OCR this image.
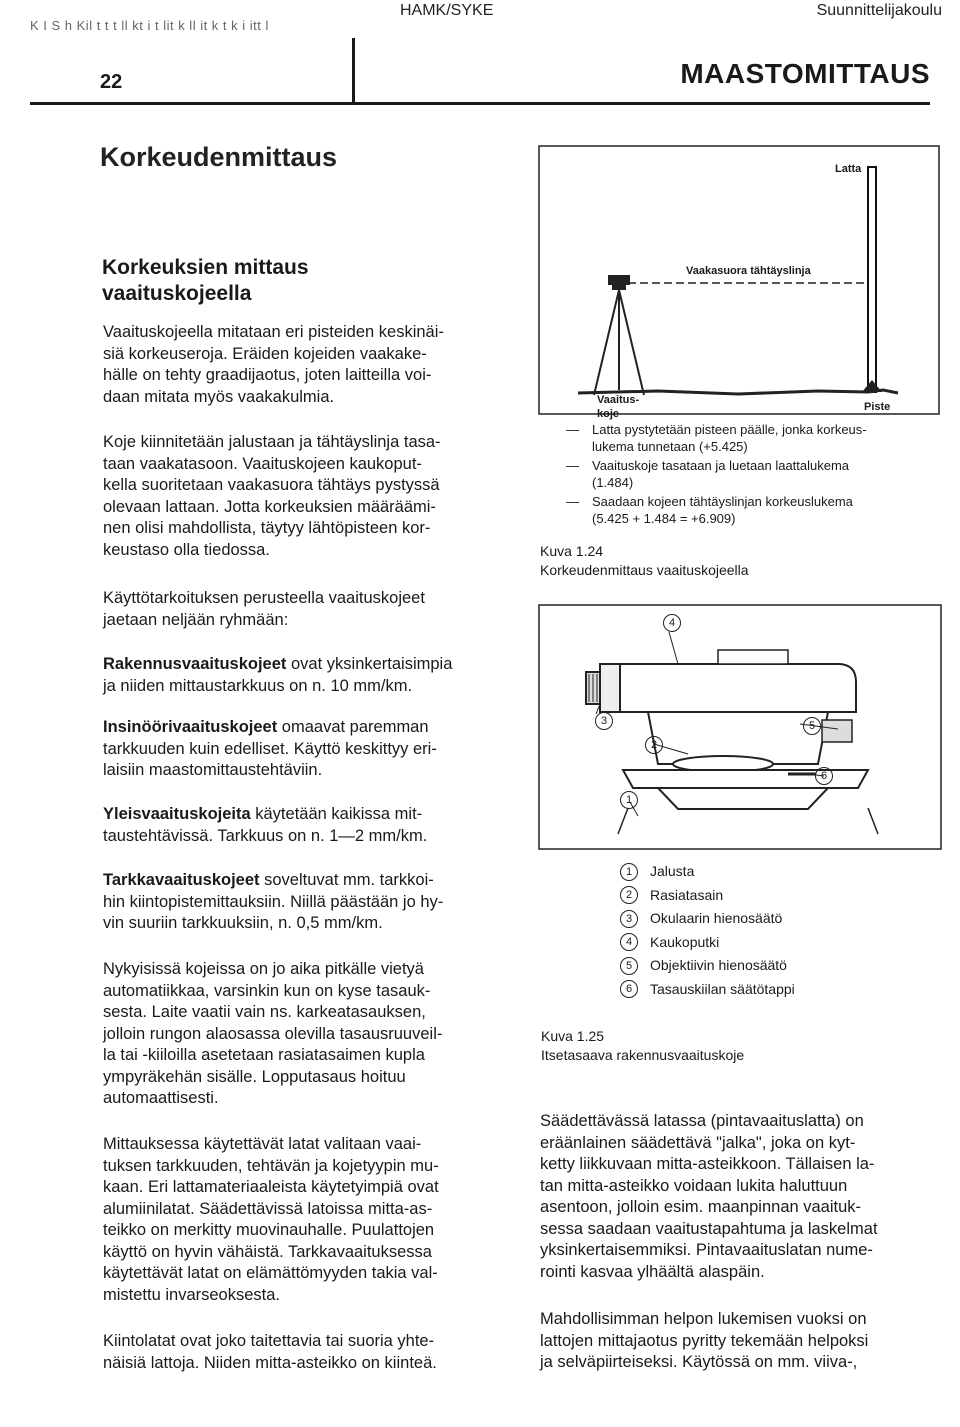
K I S h Kil t t t ll kt i t lit k ll it k t k i itt l
HAMK/SYKE	Suunnittelijakoulu
22	MAASTOMITTAUS
Korkeudenmittaus
Korkeuksien mittaus vaaituskojeella

Vaaituskojeella mitataan eri pisteiden keskinäi-
siä korkeuseroja. Eräiden kojeiden vaakake-
hälle on tehty graadijaotus, joten laitteilla voi-
daan mitata myös vaakakulmia.

Koje kiinnitetään jalustaan ja tähtäyslinja tasa-
taan vaakatasoon. Vaaituskojeen kaukoput-
kella suoritetaan vaakasuora tähtäys pystyssä
olevaan lattaan. Jotta korkeuksien määräämi-
nen olisi mahdollista, täytyy lähtöpisteen kor-
keustaso olla tiedossa.

Käyttötarkoituksen perusteella vaaituskojeet
jaetaan neljään ryhmään:

Rakennusvaaituskojeet ovat yksinkertaisimpia
ja niiden mittaustarkkuus on n. 10 mm/km.

Insinöörivaaituskojeet omaavat paremman
tarkkuuden kuin edelliset. Käyttö keskittyy eri-
laisiin maastomittaustehtäviin.

Yleisvaaituskojeita käytetään kaikissa mit-
taustehtävissä. Tarkkuus on n. 1—2 mm/km.

Tarkkavaaituskojeet soveltuvat mm. tarkkoi-
hin kiintopistemittauksiin. Niillä päästään jo hy-
vin suuriin tarkkuuksiin, n. 0,5 mm/km.

Nykyisissä kojeissa on jo aika pitkälle vietyä
automatiikkaa, varsinkin kun on kyse tasauk-
sesta. Laite vaatii vain ns. karkeatasauksen,
jolloin rungon alaosassa olevilla tasausruuveil-
la tai -kiiloilla asetetaan rasiatasaimen kupla
ympyräkehän sisälle. Lopputasaus hoituu
automaattisesti.

Mittauksessa käytettävät latat valitaan vaai-
tuksen tarkkuuden, tehtävän ja kojetyypin mu-
kaan. Eri lattamateriaaleista käytetyimpiä ovat
alumiinilatat. Säädettävissä latoissa mitta-as-
teikko on merkitty muovinauhalle. Puulattojen
käyttö on hyvin vähäistä. Tarkkavaaituksessa
käytettävät latat on elämättömyyden takia val-
mistettu invarseoksesta.

Kiintolatat ovat joko taitettavia tai suoria yhte-
näisiä lattoja. Niiden mitta-asteikko on kiinteä.

Latta
Vaakasuora tähtäyslinja
Vaaitus-
koje
Piste
— Latta pystytetään pisteen päälle, jonka korkeus-
lukema tunnetaan (+5.425)
— Vaaituskoje tasataan ja luetaan laattalukema
(1.484)
— Saadaan kojeen tähtäyslinjan korkeuslukema
(5.425 + 1.484 = +6.909)
Kuva 1.24
Korkeudenmittaus vaaituskojeella
4
3
2
5
6
1
1	Jalusta
2	Rasiatasain
3	Okulaarin hienosäätö
4	Kaukoputki
5	Objektiivin hienosäätö
6	Tasauskiilan säätötappi
Kuva 1.25
Itsetasaava rakennusvaaituskoje

Säädettävässä latassa (pintavaaituslatta) on
eräänlainen säädettävä "jalka", joka on kyt-
ketty liikkuvaan mitta-asteikkoon. Tällaisen la-
tan mitta-asteikko voidaan lukita haluttuun
asentoon, jolloin esim. maanpinnan vaaituk-
sessa saadaan vaaitustapahtuma ja laskelmat
yksinkertaisemmiksi. Pintavaaituslatan nume-
rointi kasvaa ylhäältä alaspäin.

Mahdollisimman helpon lukemisen vuoksi on
lattojen mittajaotus pyritty tekemään helpoksi
ja selväpiirteiseksi. Käytössä on mm. viiva-,
